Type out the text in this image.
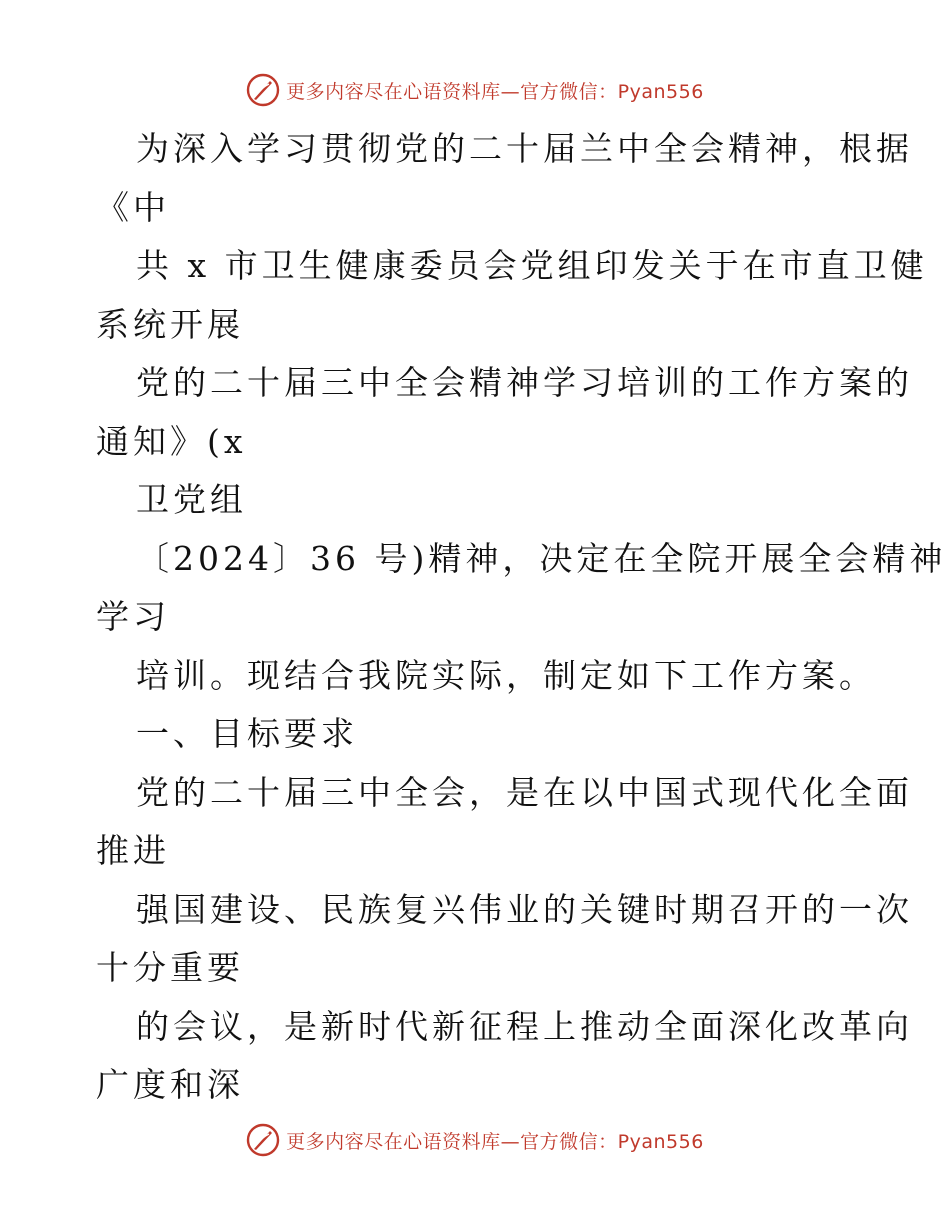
更多内容尽在心语资料库—官方微信：Pyan556
为深入学习贯彻党的二十届兰中全会精神，根据
《中
共 x 市卫生健康委员会党组印发关于在市直卫健
系统开展
党的二十届三中全会精神学习培训的工作方案的
通知》(x
卫党组
〔2024〕36 号)精神，决定在全院开展全会精神
学习
培训。现结合我院实际，制定如下工作方案。
一、目标要求
党的二十届三中全会，是在以中国式现代化全面
推进
强国建设、民族复兴伟业的关键时期召开的一次
十分重要
的会议，是新时代新征程上推动全面深化改革向
广度和深
更多内容尽在心语资料库—官方微信：Pyan556
